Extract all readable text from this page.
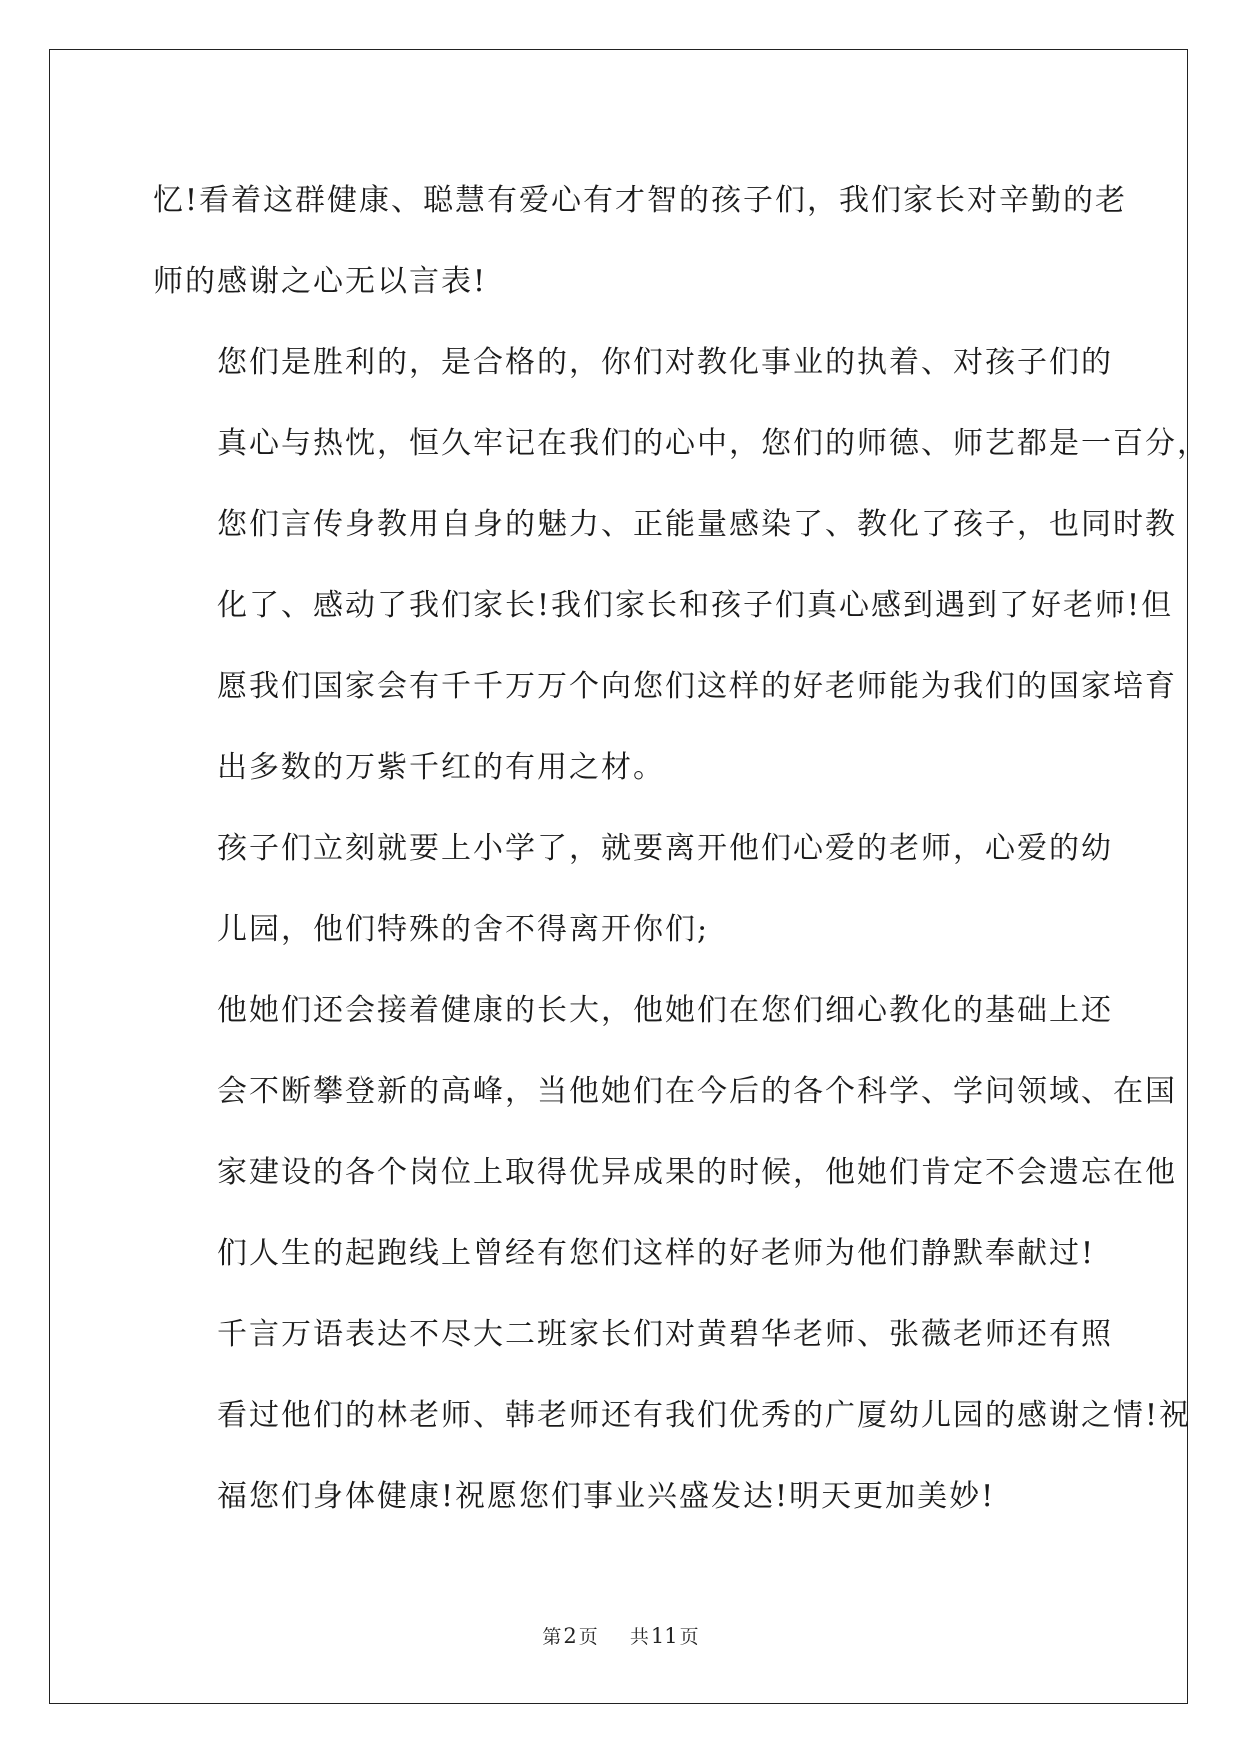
忆!看着这群健康、聪慧有爱心有才智的孩子们，我们家长对辛勤的老
师的感谢之心无以言表!

您们是胜利的，是合格的，你们对教化事业的执着、对孩子们的
真心与热忱，恒久牢记在我们的心中，您们的师德、师艺都是一百分，
您们言传身教用自身的魅力、正能量感染了、教化了孩子，也同时教
化了、感动了我们家长!我们家长和孩子们真心感到遇到了好老师!但
愿我们国家会有千千万万个向您们这样的好老师能为我们的国家培育
出多数的万紫千红的有用之材。

孩子们立刻就要上小学了，就要离开他们心爱的老师，心爱的幼
儿园，他们特殊的舍不得离开你们;

他她们还会接着健康的长大，他她们在您们细心教化的基础上还
会不断攀登新的高峰，当他她们在今后的各个科学、学问领域、在国
家建设的各个岗位上取得优异成果的时候，他她们肯定不会遗忘在他
们人生的起跑线上曾经有您们这样的好老师为他们静默奉献过!

千言万语表达不尽大二班家长们对黄碧华老师、张薇老师还有照
看过他们的林老师、韩老师还有我们优秀的广厦幼儿园的感谢之情!祝
福您们身体健康!祝愿您们事业兴盛发达!明天更加美妙!

第2 页 共11 页
